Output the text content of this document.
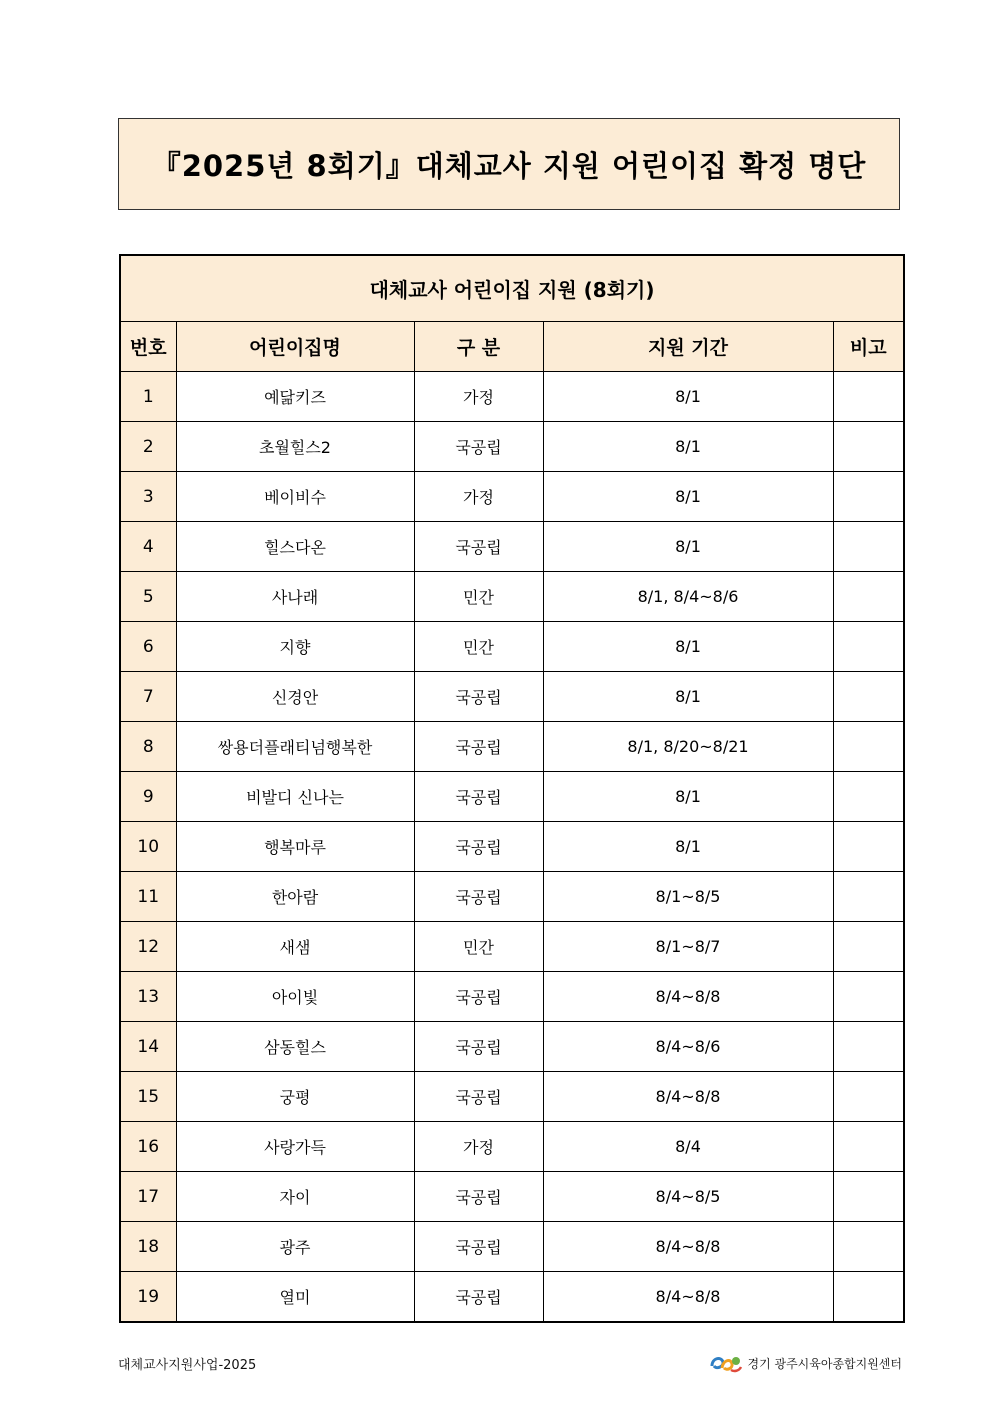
『2025년 8회기』대체교사 지원 어린이집 확정 명단
대체교사 어린이집 지원 (8회기)				
번호	어린이집명	구 분	지원 기간	비고
1	예닮키즈	가정	8/1	
2	초월힐스2	국공립	8/1	
3	베이비수	가정	8/1	
4	힐스다온	국공립	8/1	
5	사나래	민간	8/1, 8/4~8/6	
6	지향	민간	8/1	
7	신경안	국공립	8/1	
8	쌍용더플래티넘행복한	국공립	8/1, 8/20~8/21	
9	비발디 신나는	국공립	8/1	
10	행복마루	국공립	8/1	
11	한아람	국공립	8/1~8/5	
12	새샘	민간	8/1~8/7	
13	아이빛	국공립	8/4~8/8	
14	삼동힐스	국공립	8/4~8/6	
15	궁평	국공립	8/4~8/8	
16	사랑가득	가정	8/4	
17	자이	국공립	8/4~8/5	
18	광주	국공립	8/4~8/8	
19	열미	국공립	8/4~8/8	
대체교사지원사업-2025	경기 광주시육아종합지원센터
